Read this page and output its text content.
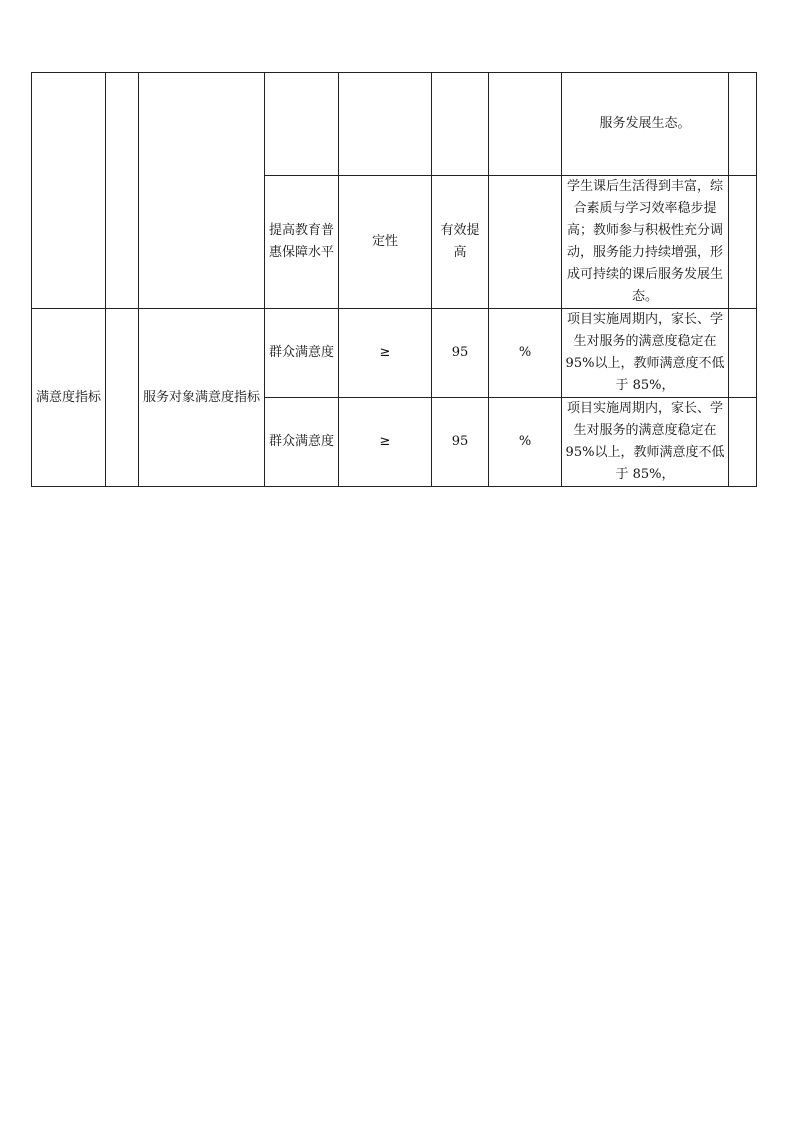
							服务发展生态。	
			提高教育普惠保障水平	定性	有效提高		学生课后生活得到丰富，综合素质与学习效率稳步提高；教师参与积极性充分调动，服务能力持续增强，形成可持续的课后服务发展生态。	
满意度指标		服务对象满意度指标	群众满意度	≥	95	%	项目实施周期内，家长、学生对服务的满意度稳定在 95%以上，教师满意度不低于 85%，	
			群众满意度	≥	95	%	项目实施周期内，家长、学生对服务的满意度稳定在 95%以上，教师满意度不低于 85%，	
